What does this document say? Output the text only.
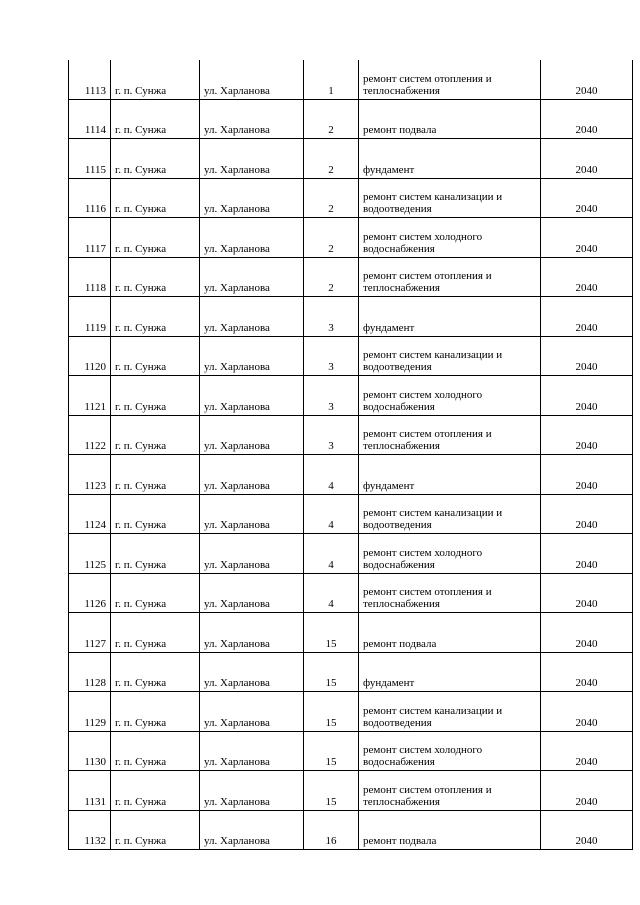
1113	г. п. Сунжа	ул. Харланова	1	ремонт систем отопления и
теплоснабжения	2040
1114	г. п. Сунжа	ул. Харланова	2	ремонт подвала	2040
1115	г. п. Сунжа	ул. Харланова	2	фундамент	2040
1116	г. п. Сунжа	ул. Харланова	2	ремонт систем канализации и
водоотведения	2040
1117	г. п. Сунжа	ул. Харланова	2	ремонт систем холодного
водоснабжения	2040
1118	г. п. Сунжа	ул. Харланова	2	ремонт систем отопления и
теплоснабжения	2040
1119	г. п. Сунжа	ул. Харланова	3	фундамент	2040
1120	г. п. Сунжа	ул. Харланова	3	ремонт систем канализации и
водоотведения	2040
1121	г. п. Сунжа	ул. Харланова	3	ремонт систем холодного
водоснабжения	2040
1122	г. п. Сунжа	ул. Харланова	3	ремонт систем отопления и
теплоснабжения	2040
1123	г. п. Сунжа	ул. Харланова	4	фундамент	2040
1124	г. п. Сунжа	ул. Харланова	4	ремонт систем канализации и
водоотведения	2040
1125	г. п. Сунжа	ул. Харланова	4	ремонт систем холодного
водоснабжения	2040
1126	г. п. Сунжа	ул. Харланова	4	ремонт систем отопления и
теплоснабжения	2040
1127	г. п. Сунжа	ул. Харланова	15	ремонт подвала	2040
1128	г. п. Сунжа	ул. Харланова	15	фундамент	2040
1129	г. п. Сунжа	ул. Харланова	15	ремонт систем канализации и
водоотведения	2040
1130	г. п. Сунжа	ул. Харланова	15	ремонт систем холодного
водоснабжения	2040
1131	г. п. Сунжа	ул. Харланова	15	ремонт систем отопления и
теплоснабжения	2040
1132	г. п. Сунжа	ул. Харланова	16	ремонт подвала	2040
